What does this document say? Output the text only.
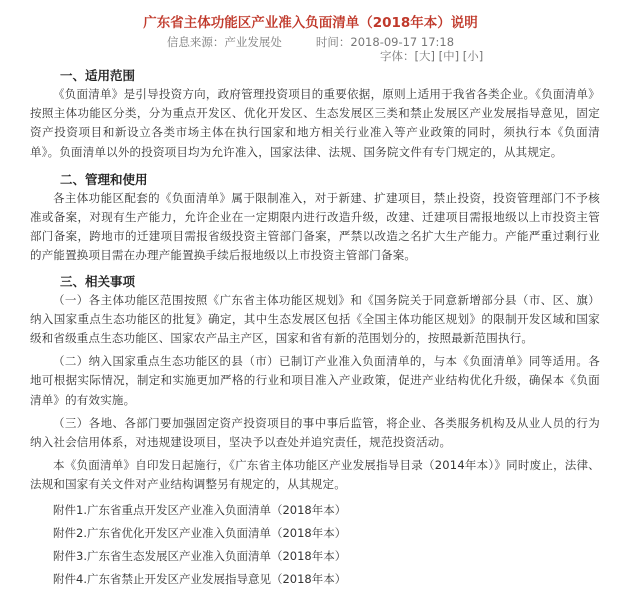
广东省主体功能区产业准入负面清单（2018年本）说明
信息来源：产业发展处	时间：2018-09-17 17:18
字体：[大] [中] [小]
一、适用范围

《负面清单》是引导投资方向，政府管理投资项目的重要依据，原则上适用于我省各类企业。《负面清单》按照主体功能区分类，分为重点开发区、优化开发区、生态发展区三类和禁止发展区产业发展指导意见，固定资产投资项目和新设立各类市场主体在执行国家和地方相关行业准入等产业政策的同时，须执行本《负面清单》。负面清单以外的投资项目均为允许准入，国家法律、法规、国务院文件有专门规定的，从其规定。

二、管理和使用

各主体功能区配套的《负面清单》属于限制准入，对于新建、扩建项目，禁止投资，投资管理部门不予核准或备案，对现有生产能力，允许企业在一定期限内进行改造升级，改建、迁建项目需报地级以上市投资主管部门备案，跨地市的迁建项目需报省级投资主管部门备案，严禁以改造之名扩大生产能力。产能严重过剩行业的产能置换项目需在办理产能置换手续后报地级以上市投资主管部门备案。

三、相关事项

（一）各主体功能区范围按照《广东省主体功能区规划》和《国务院关于同意新增部分县（市、区、旗）纳入国家重点生态功能区的批复》确定，其中生态发展区包括《全国主体功能区规划》的限制开发区域和国家级和省级重点生态功能区、国家农产品主产区，国家和省有新的范围划分的，按照最新范围执行。

（二）纳入国家重点生态功能区的县（市）已制订产业准入负面清单的，与本《负面清单》同等适用。各地可根据实际情况，制定和实施更加严格的行业和项目准入产业政策，促进产业结构优化升级，确保本《负面清单》的有效实施。

（三）各地、各部门要加强固定资产投资项目的事中事后监管，将企业、各类服务机构及从业人员的行为纳入社会信用体系，对违规建设项目，坚决予以查处并追究责任，规范投资活动。

本《负面清单》自印发日起施行，《广东省主体功能区产业发展指导目录（2014年本）》同时废止，法律、法规和国家有关文件对产业结构调整另有规定的，从其规定。

附件1.广东省重点开发区产业准入负面清单（2018年本）
附件2.广东省优化开发区产业准入负面清单（2018年本）
附件3.广东省生态发展区产业准入负面清单（2018年本）
附件4.广东省禁止开发区产业发展指导意见（2018年本）
